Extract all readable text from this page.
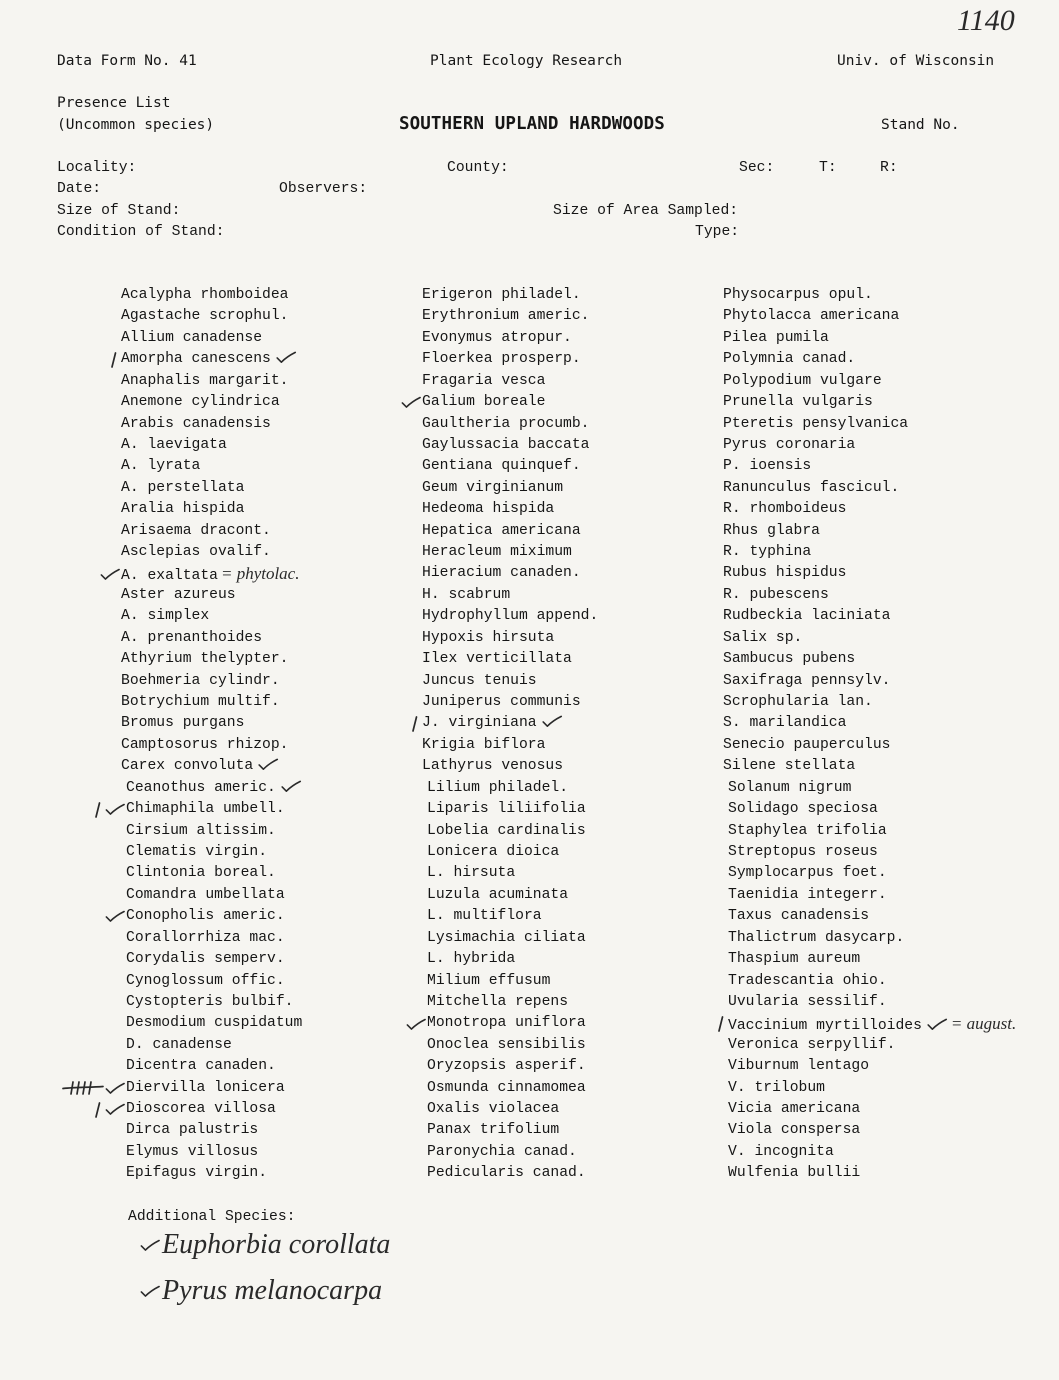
1140
Data Form No. 41	Plant Ecology Research	Univ. of Wisconsin
Presence List
(Uncommon species)	SOUTHERN UPLAND HARDWOODS	Stand No.
Locality:	County:	Sec:	T:	R:
Date:	Observers:
Size of Stand:	Size of Area Sampled:
Condition of Stand:	Type:
Acalypha rhomboidea
Agastache scrophul.
Allium canadense
Amorpha canescens
Anaphalis margarit.
Anemone cylindrica
Arabis canadensis
A. laevigata
A. lyrata
A. perstellata
Aralia hispida
Arisaema dracont.
Asclepias ovalif.
A. exaltata = phytolac.
Aster azureus
A. simplex
A. prenanthoides
Athyrium thelypter.
Boehmeria cylindr.
Botrychium multif.
Bromus purgans
Camptosorus rhizop.
Carex convoluta
Ceanothus americ.
Chimaphila umbell.
Cirsium altissim.
Clematis virgin.
Clintonia boreal.
Comandra umbellata
Conopholis americ.
Corallorrhiza mac.
Corydalis semperv.
Cynoglossum offic.
Cystopteris bulbif.
Desmodium cuspidatum
D. canadense
Dicentra canaden.
Diervilla lonicera
Dioscorea villosa
Dirca palustris
Elymus villosus
Epifagus virgin.
Erigeron philadel.
Erythronium americ.
Evonymus atropur.
Floerkea prosperp.
Fragaria vesca
Galium boreale
Gaultheria procumb.
Gaylussacia baccata
Gentiana quinquef.
Geum virginianum
Hedeoma hispida
Hepatica americana
Heracleum miximum
Hieracium canaden.
H. scabrum
Hydrophyllum append.
Hypoxis hirsuta
Ilex verticillata
Juncus tenuis
Juniperus communis
J. virginiana
Krigia biflora
Lathyrus venosus
Lilium philadel.
Liparis liliifolia
Lobelia cardinalis
Lonicera dioica
L. hirsuta
Luzula acuminata
L. multiflora
Lysimachia ciliata
L. hybrida
Milium effusum
Mitchella repens
Monotropa uniflora
Onoclea sensibilis
Oryzopsis asperif.
Osmunda cinnamomea
Oxalis violacea
Panax trifolium
Paronychia canad.
Pedicularis canad.
Physocarpus opul.
Phytolacca americana
Pilea pumila
Polymnia canad.
Polypodium vulgare
Prunella vulgaris
Pteretis pensylvanica
Pyrus coronaria
P. ioensis
Ranunculus fascicul.
R. rhomboideus
Rhus glabra
R. typhina
Rubus hispidus
R. pubescens
Rudbeckia laciniata
Salix sp.
Sambucus pubens
Saxifraga pennsylv.
Scrophularia lan.
S. marilandica
Senecio pauperculus
Silene stellata
Solanum nigrum
Solidago speciosa
Staphylea trifolia
Streptopus roseus
Symplocarpus foet.
Taenidia integerr.
Taxus canadensis
Thalictrum dasycarp.
Thaspium aureum
Tradescantia ohio.
Uvularia sessilif.
Vaccinium myrtilloides = august.
Veronica serpyllif.
Viburnum lentago
V. trilobum
Vicia americana
Viola conspersa
V. incognita
Wulfenia bullii
Additional Species:
Euphorbia corollata
Pyrus melanocarpa
